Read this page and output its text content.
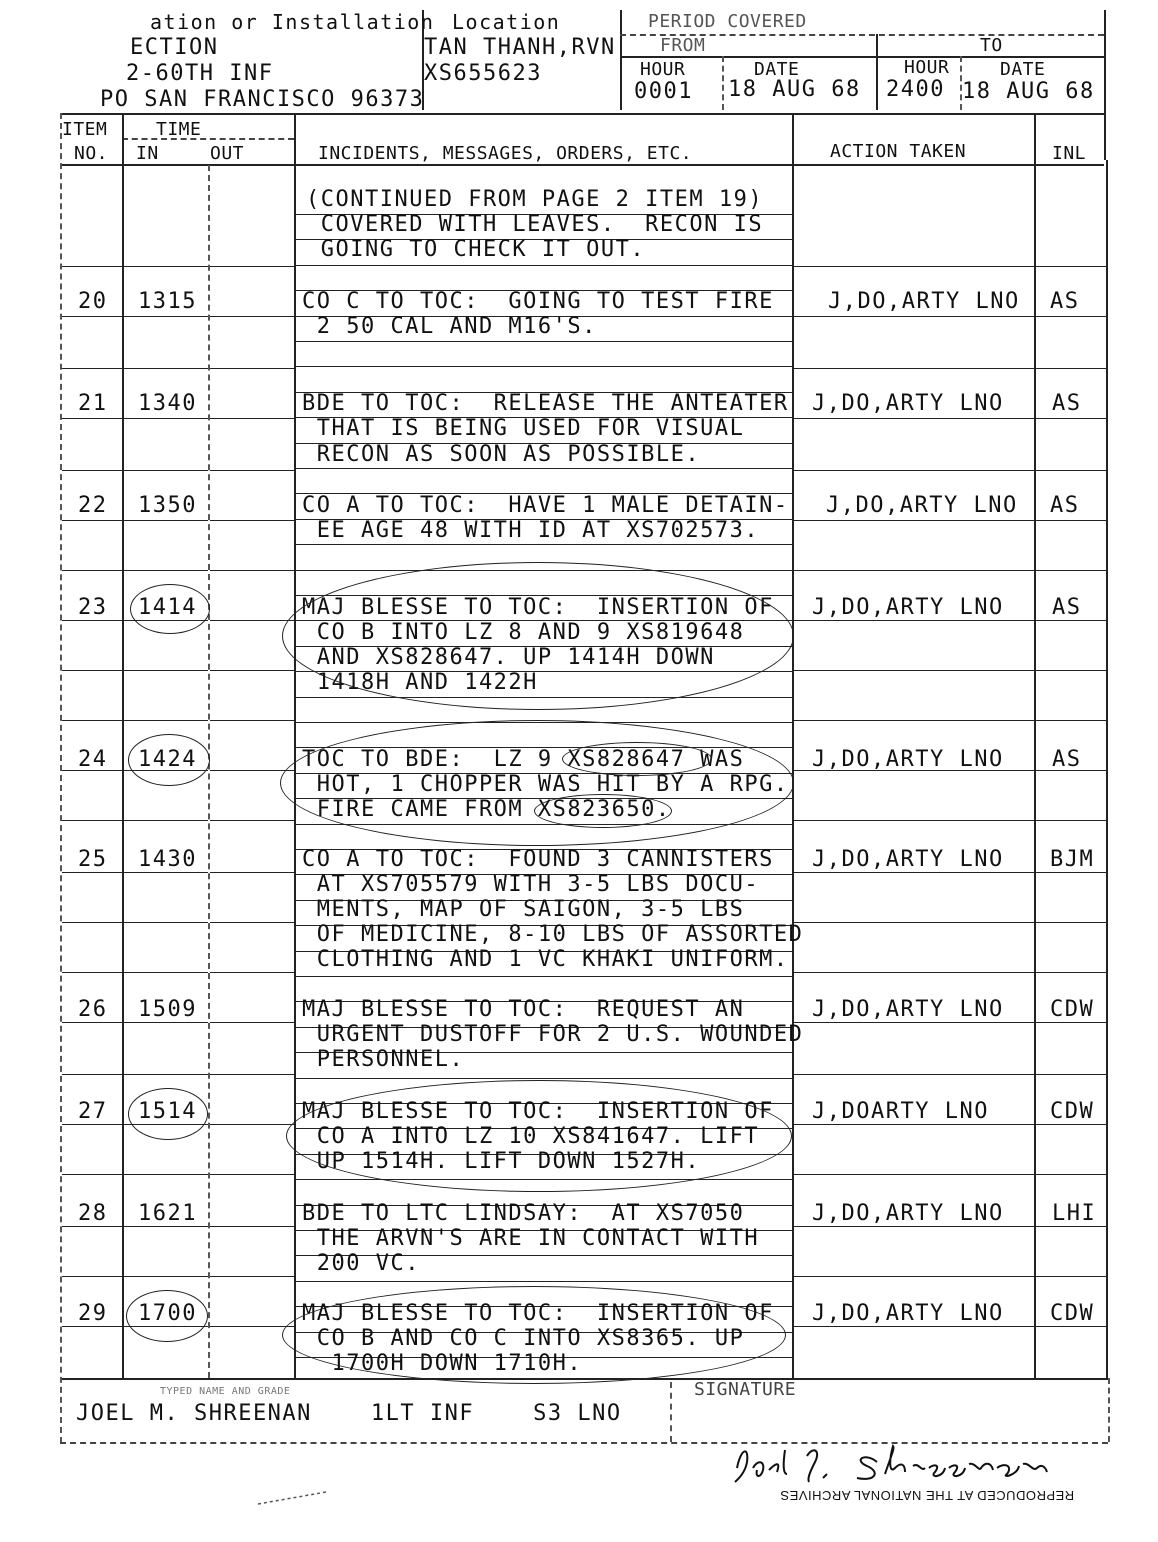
ation or Installation
ECTION
2-60TH INF
PO SAN FRANCISCO 96373
Location
TAN THANH,RVN
XS655623
PERIOD COVERED
FROM	TO
HOUR	DATE	HOUR	DATE
0001 18 AUG 68 2400 18 AUG 68
ITEM
NO.
TIME
IN	OUT	INCIDENTS, MESSAGES, ORDERS, ETC.	ACTION TAKEN	INL
(CONTINUED FROM PAGE 2 ITEM 19)
COVERED WITH LEAVES.  RECON IS
GOING TO CHECK IT OUT.
20 1315	CO C TO TOC:  GOING TO TEST FIRE
2 50 CAL AND M16'S.
J,DO,ARTY LNO AS
21 1340	BDE TO TOC:  RELEASE THE ANTEATER
THAT IS BEING USED FOR VISUAL
RECON AS SOON AS POSSIBLE.
J,DO,ARTY LNO AS
22 1350	CO A TO TOC:  HAVE 1 MALE DETAIN-
EE AGE 48 WITH ID AT XS702573.
J,DO,ARTY LNO AS
23 1414	MAJ BLESSE TO TOC:  INSERTION OF
CO B INTO LZ 8 AND 9 XS819648
AND XS828647. UP 1414H DOWN
1418H AND 1422H
J,DO,ARTY LNO AS
24 1424	TOC TO BDE:  LZ 9 XS828647 WAS
HOT, 1 CHOPPER WAS HIT BY A RPG.
FIRE CAME FROM XS823650.
J,DO,ARTY LNO AS
25 1430	CO A TO TOC:  FOUND 3 CANNISTERS
AT XS705579 WITH 3-5 LBS DOCU-
MENTS, MAP OF SAIGON, 3-5 LBS
OF MEDICINE, 8-10 LBS OF ASSORTED
CLOTHING AND 1 VC KHAKI UNIFORM.
J,DO,ARTY LNO BJM
26 1509	MAJ BLESSE TO TOC:  REQUEST AN
URGENT DUSTOFF FOR 2 U.S. WOUNDED
PERSONNEL.
J,DO,ARTY LNO CDW
27 1514	MAJ BLESSE TO TOC:  INSERTION OF
CO A INTO LZ 10 XS841647. LIFT
UP 1514H. LIFT DOWN 1527H.
J,DOARTY LNO	CDW
28 1621	BDE TO LTC LINDSAY:  AT XS7050
THE ARVN'S ARE IN CONTACT WITH
200 VC.
J,DO,ARTY LNO LHI
29 1700	MAJ BLESSE TO TOC:  INSERTION OF
CO B AND CO C INTO XS8365. UP
1700H DOWN 1710H.
J,DO,ARTY LNO CDW
TYPED NAME AND GRADE
JOEL M. SHREENAN    1LT INF    S3 LNO
SIGNATURE

REPRODUCED AT THE NATIONAL ARCHIVES
